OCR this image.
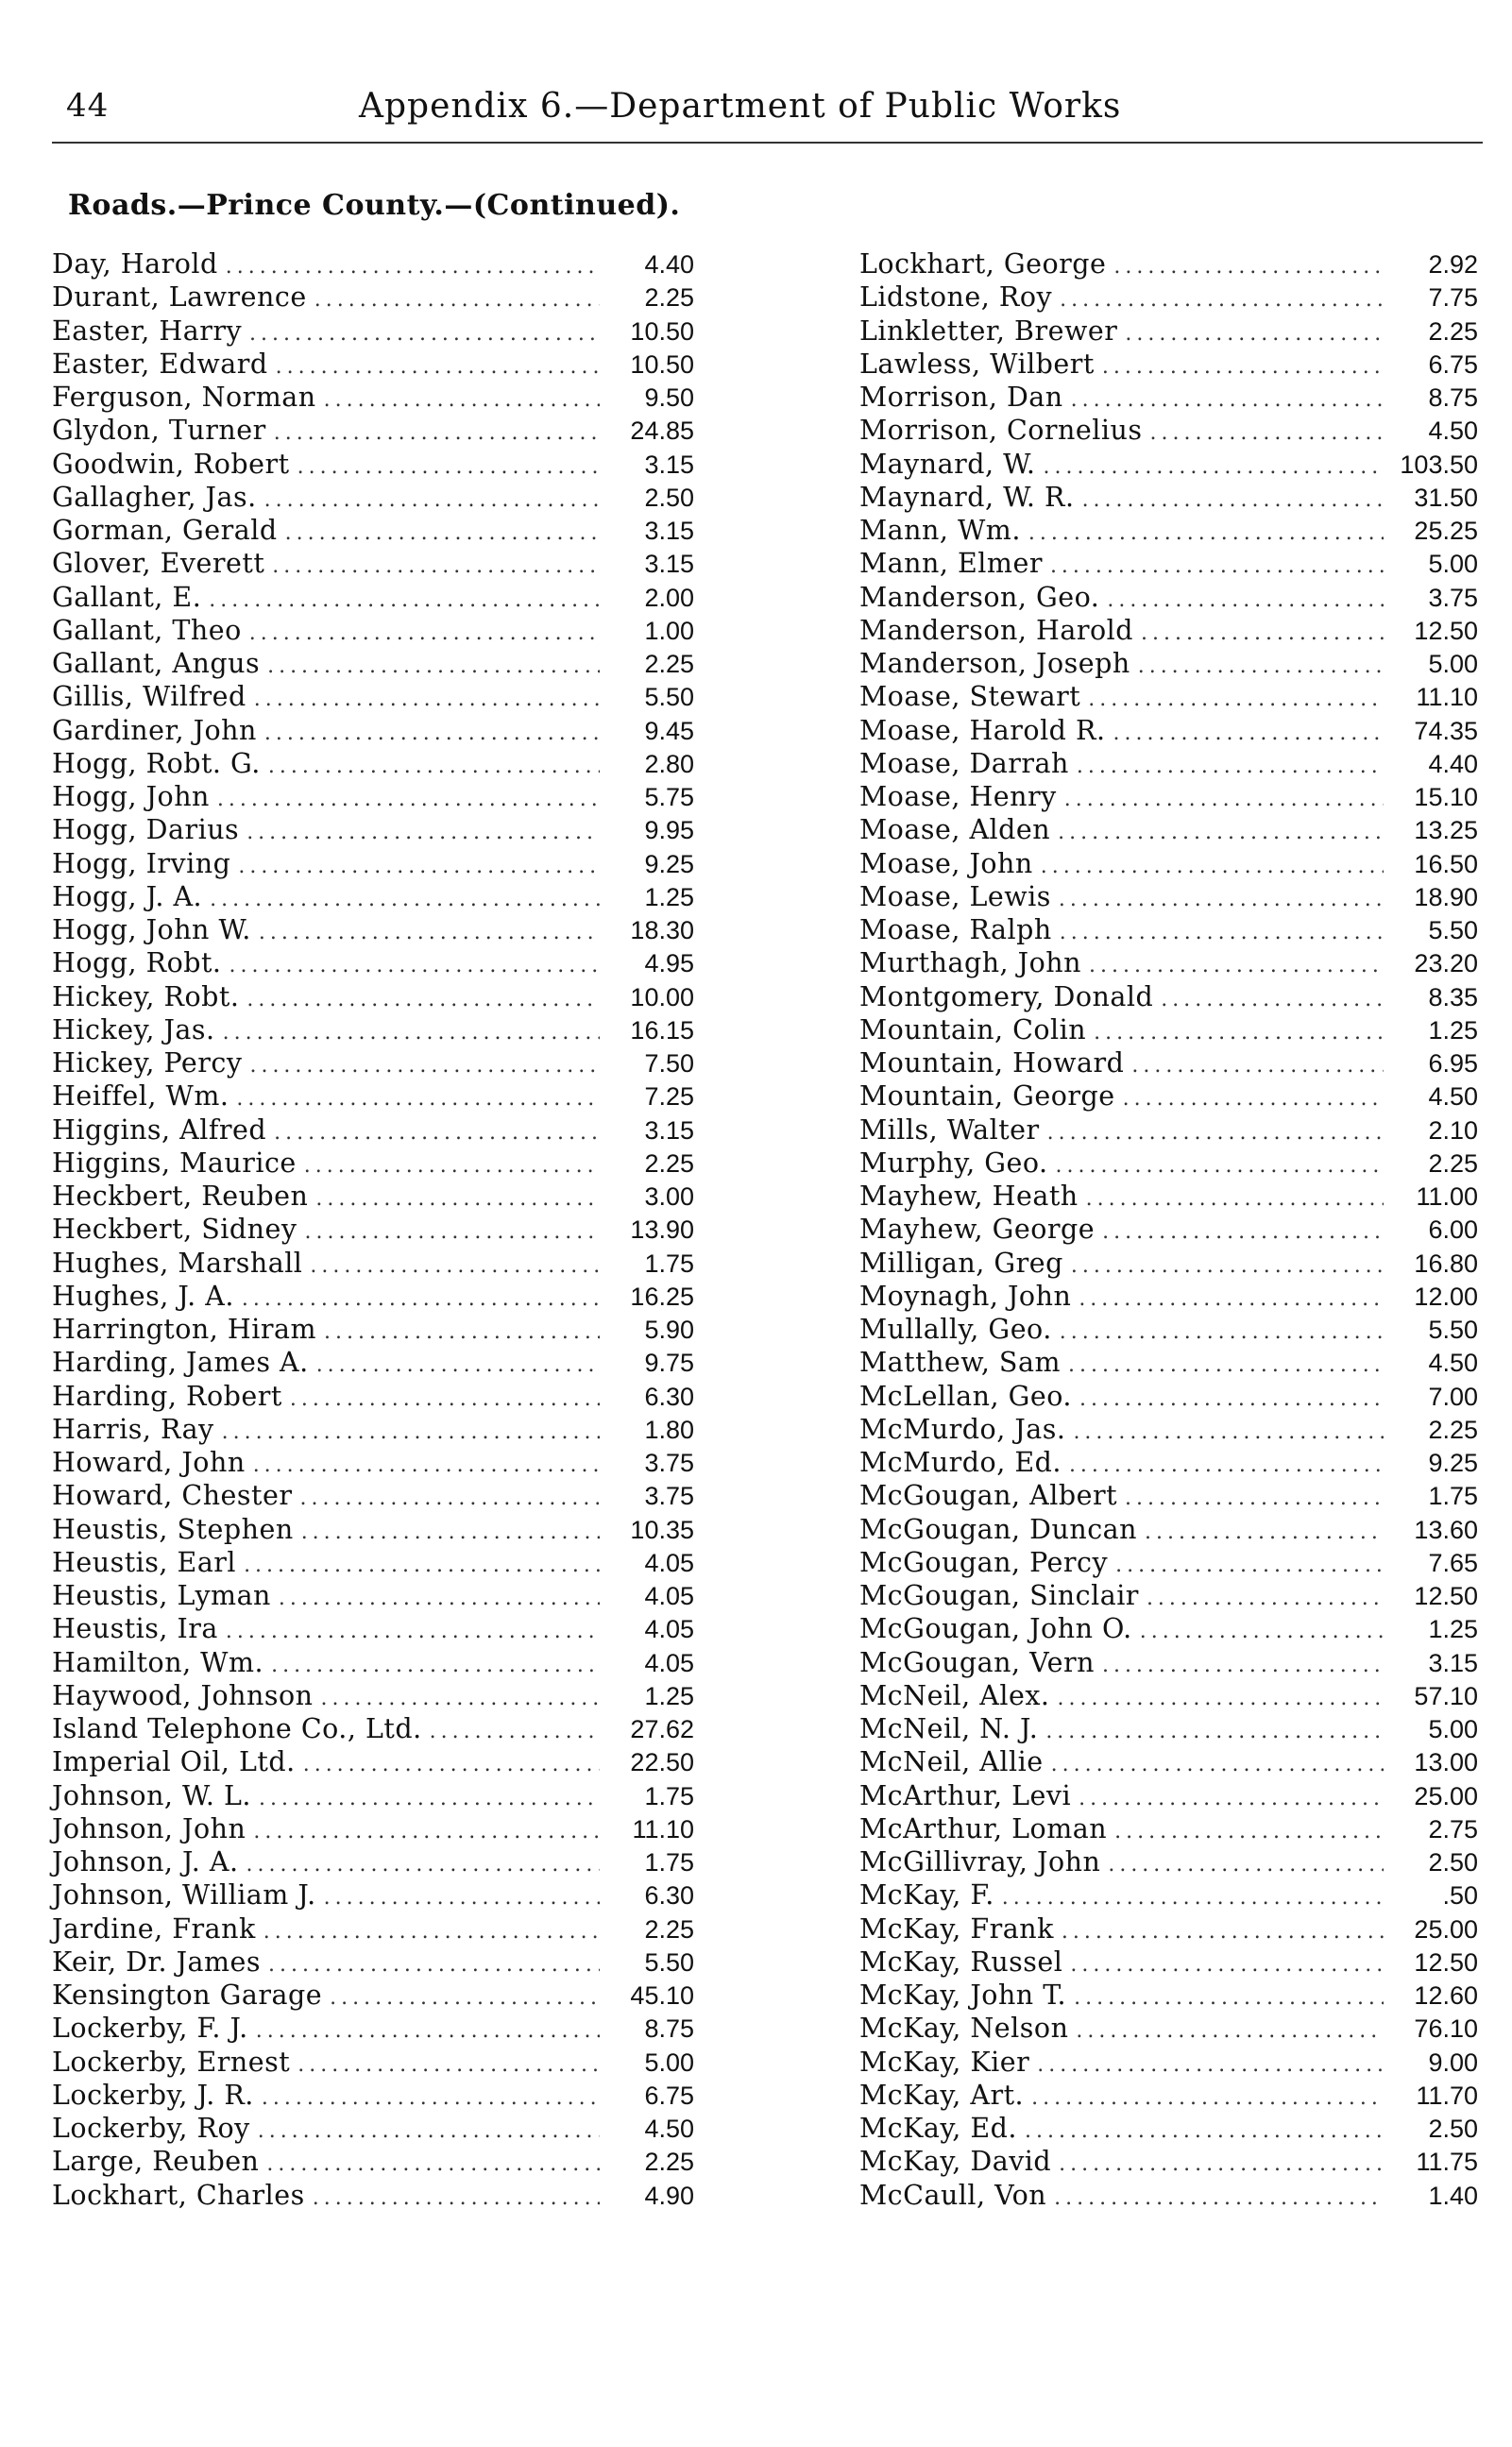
44	Appendix 6.—Department of Public Works
Roads.—Prince County.—(Continued).
Day, Harold .....	4.40
Durant, Lawrence .....	2.25
Easter, Harry .....	10.50
Easter, Edward .....	10.50
Ferguson, Norman .....	9.50
Glydon, Turner .....	24.85
Goodwin, Robert .....	3.15
Gallagher, Jas. .....	2.50
Gorman, Gerald .....	3.15
Glover, Everett .....	3.15
Gallant, E. .....	2.00
Gallant, Theo .....	1.00
Gallant, Angus .....	2.25
Gillis, Wilfred .....	5.50
Gardiner, John .....	9.45
Hogg, Robt. G. .....	2.80
Hogg, John .....	5.75
Hogg, Darius .....	9.95
Hogg, Irving .....	9.25
Hogg, J. A. .....	1.25
Hogg, John W. .....	18.30
Hogg, Robt. .....	4.95
Hickey, Robt. .....	10.00
Hickey, Jas. .....	16.15
Hickey, Percy .....	7.50
Heiffel, Wm. .....	7.25
Higgins, Alfred .....	3.15
Higgins, Maurice .....	2.25
Heckbert, Reuben .....	3.00
Heckbert, Sidney .....	13.90
Hughes, Marshall .....	1.75
Hughes, J. A. .....	16.25
Harrington, Hiram .....	5.90
Harding, James A. .....	9.75
Harding, Robert .....	6.30
Harris, Ray .....	1.80
Howard, John .....	3.75
Howard, Chester .....	3.75
Heustis, Stephen .....	10.35
Heustis, Earl .....	4.05
Heustis, Lyman .....	4.05
Heustis, Ira .....	4.05
Hamilton, Wm. .....	4.05
Haywood, Johnson .....	1.25
Island Telephone Co., Ltd. .....	27.62
Imperial Oil, Ltd. .....	22.50
Johnson, W. L. .....	1.75
Johnson, John .....	11.10
Johnson, J. A. .....	1.75
Johnson, William J. .....	6.30
Jardine, Frank .....	2.25
Keir, Dr. James .....	5.50
Kensington Garage .....	45.10
Lockerby, F. J. .....	8.75
Lockerby, Ernest .....	5.00
Lockerby, J. R. .....	6.75
Lockerby, Roy .....	4.50
Large, Reuben .....	2.25
Lockhart, Charles .....	4.90
Lockhart, George .....	2.92
Lidstone, Roy .....	7.75
Linkletter, Brewer .....	2.25
Lawless, Wilbert .....	6.75
Morrison, Dan .....	8.75
Morrison, Cornelius .....	4.50
Maynard, W. .....	103.50
Maynard, W. R. .....	31.50
Mann, Wm. .....	25.25
Mann, Elmer .....	5.00
Manderson, Geo. .....	3.75
Manderson, Harold .....	12.50
Manderson, Joseph .....	5.00
Moase, Stewart .....	11.10
Moase, Harold R. .....	74.35
Moase, Darrah .....	4.40
Moase, Henry .....	15.10
Moase, Alden .....	13.25
Moase, John .....	16.50
Moase, Lewis .....	18.90
Moase, Ralph .....	5.50
Murthagh, John .....	23.20
Montgomery, Donald .....	8.35
Mountain, Colin .....	1.25
Mountain, Howard .....	6.95
Mountain, George .....	4.50
Mills, Walter .....	2.10
Murphy, Geo. .....	2.25
Mayhew, Heath .....	11.00
Mayhew, George .....	6.00
Milligan, Greg .....	16.80
Moynagh, John .....	12.00
Mullally, Geo. .....	5.50
Matthew, Sam .....	4.50
McLellan, Geo. .....	7.00
McMurdo, Jas. .....	2.25
McMurdo, Ed. .....	9.25
McGougan, Albert .....	1.75
McGougan, Duncan .....	13.60
McGougan, Percy .....	7.65
McGougan, Sinclair .....	12.50
McGougan, John O. .....	1.25
McGougan, Vern .....	3.15
McNeil, Alex. .....	57.10
McNeil, N. J. .....	5.00
McNeil, Allie .....	13.00
McArthur, Levi .....	25.00
McArthur, Loman .....	2.75
McGillivray, John .....	2.50
McKay, F. .....	.50
McKay, Frank .....	25.00
McKay, Russel .....	12.50
McKay, John T. .....	12.60
McKay, Nelson .....	76.10
McKay, Kier .....	9.00
McKay, Art. .....	11.70
McKay, Ed. .....	2.50
McKay, David .....	11.75
McCaull, Von .....	1.40
